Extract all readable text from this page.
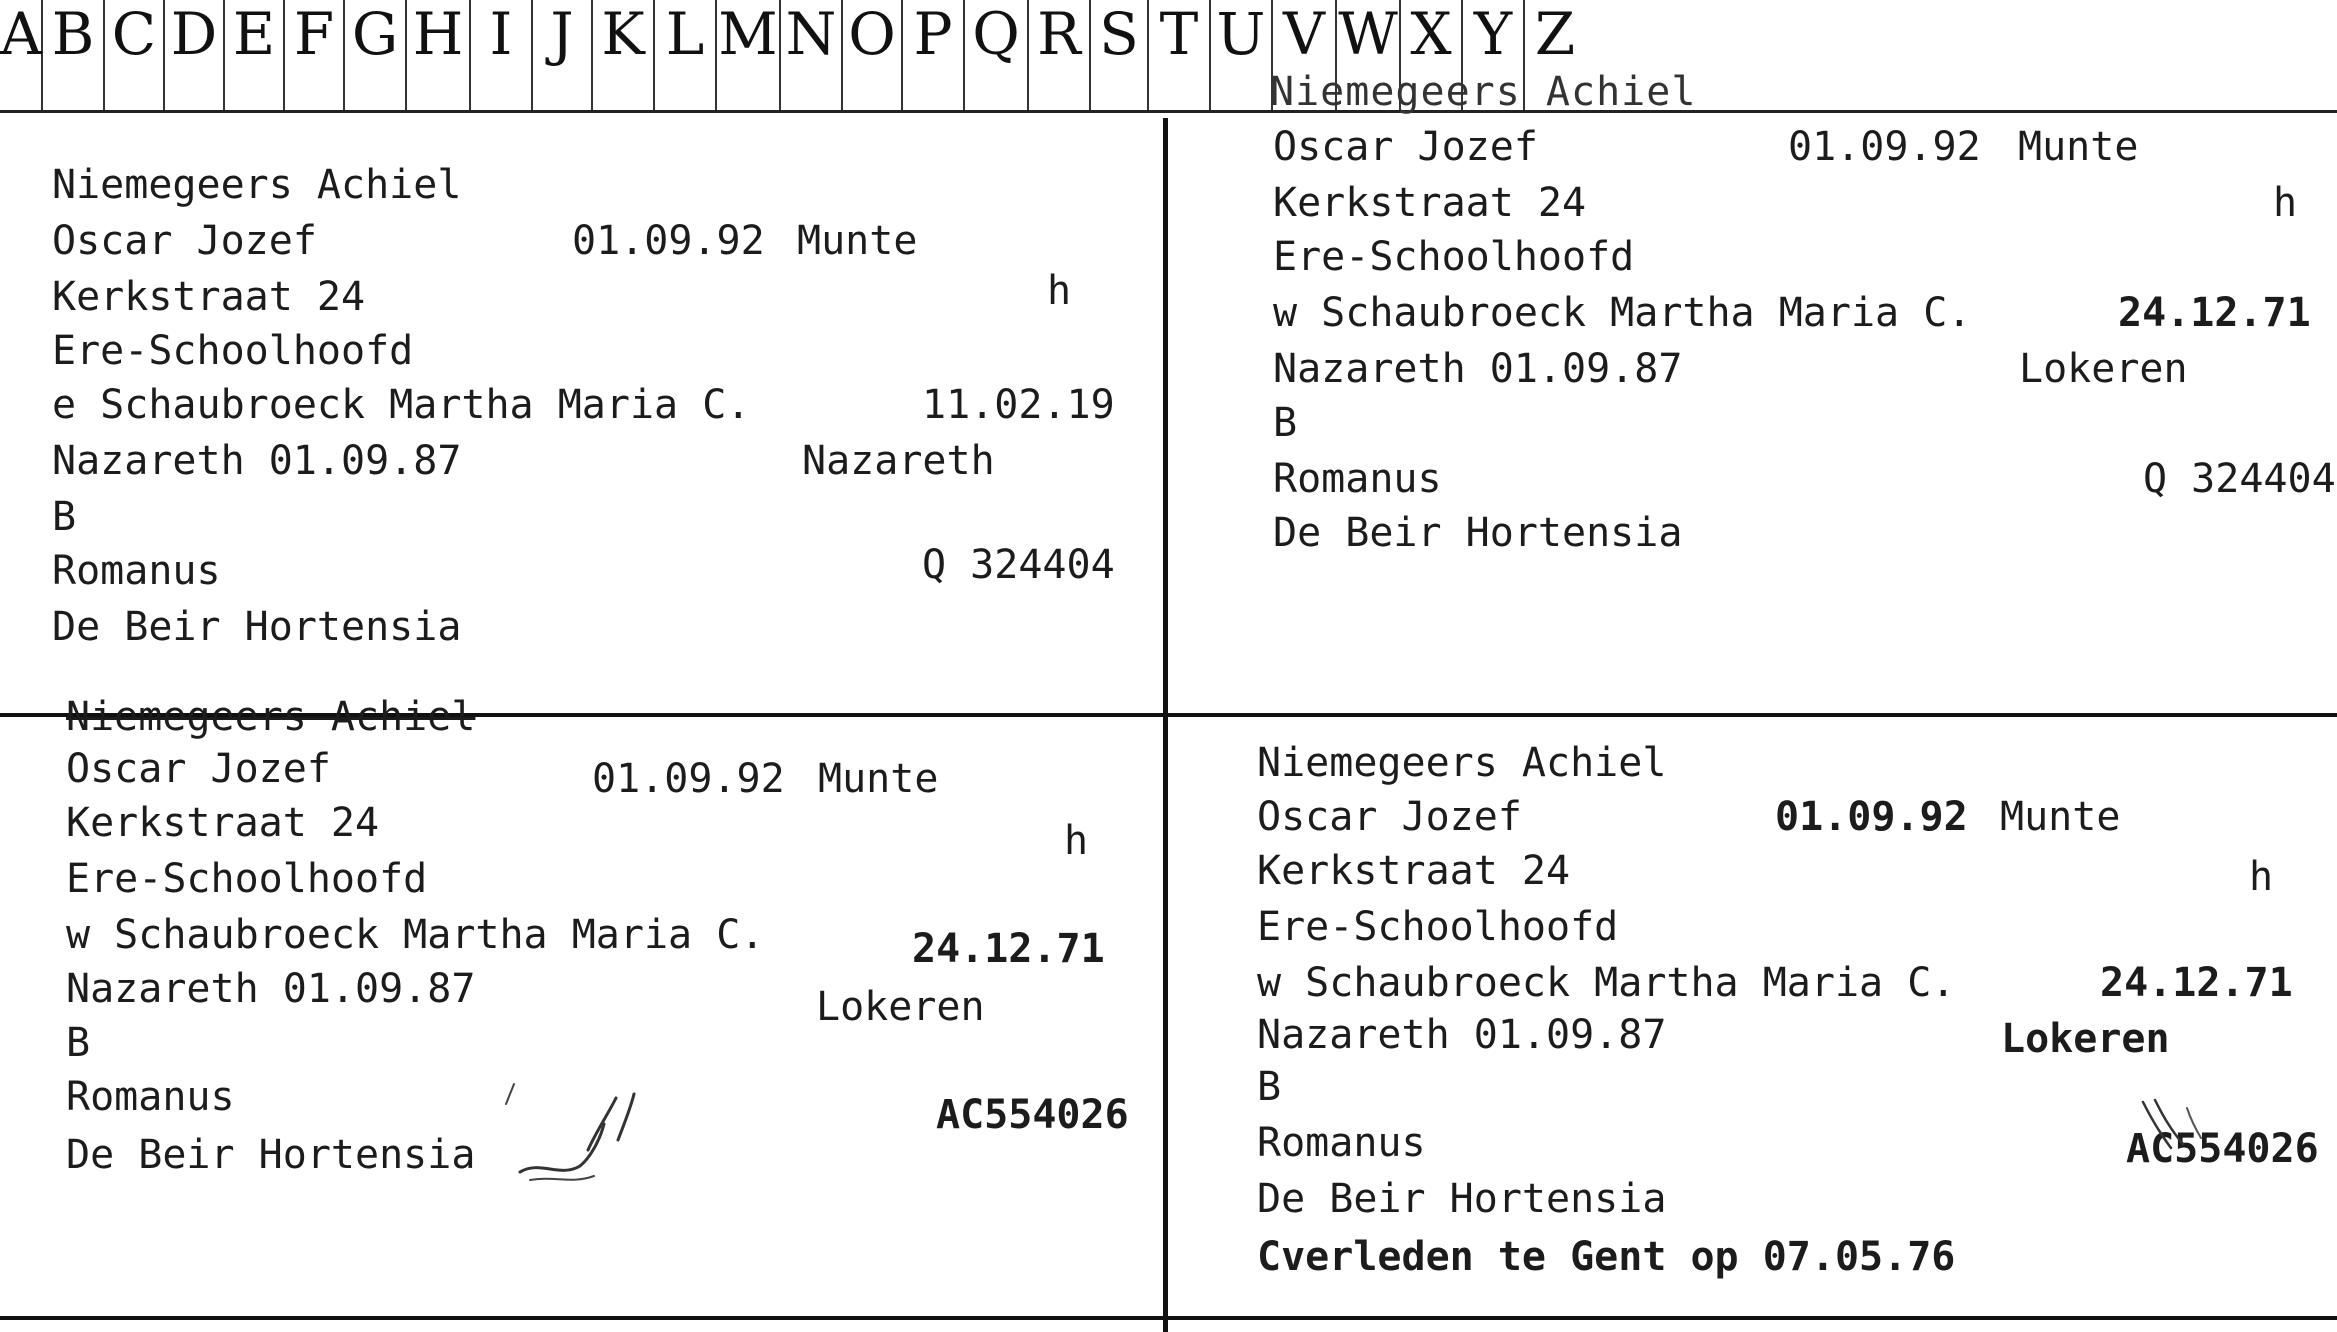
A B C D E F G H I J K L M N O P Q R S T U V W X Y Z
Niemegeers Achiel
Niemegeers Achiel
Oscar Jozef
Kerkstraat 24
Ere-Schoolhoofd
e Schaubroeck Martha Maria C.
Nazareth 01.09.87
B
Romanus
De Beir Hortensia
01.09.92 Munte
h
11.02.19
Nazareth
Q 324404
Oscar Jozef
Kerkstraat 24
Ere-Schoolhoofd
w Schaubroeck Martha Maria C.
Nazareth 01.09.87
B
Romanus
De Beir Hortensia
01.09.92 Munte
h
24.12.71
Lokeren
Q 324404
Niemegeers Achiel
Oscar Jozef
Kerkstraat 24
Ere-Schoolhoofd
w Schaubroeck Martha Maria C.
Nazareth 01.09.87
B
Romanus
De Beir Hortensia
01.09.92 Munte
h
24.12.71
Lokeren
AC554026
Niemegeers Achiel
Oscar Jozef
Kerkstraat 24
Ere-Schoolhoofd
w Schaubroeck Martha Maria C.
Nazareth 01.09.87
B
Romanus
De Beir Hortensia
Cverleden te Gent op 07.05.76
01.09.92 Munte
h
24.12.71
Lokeren
AC554026
